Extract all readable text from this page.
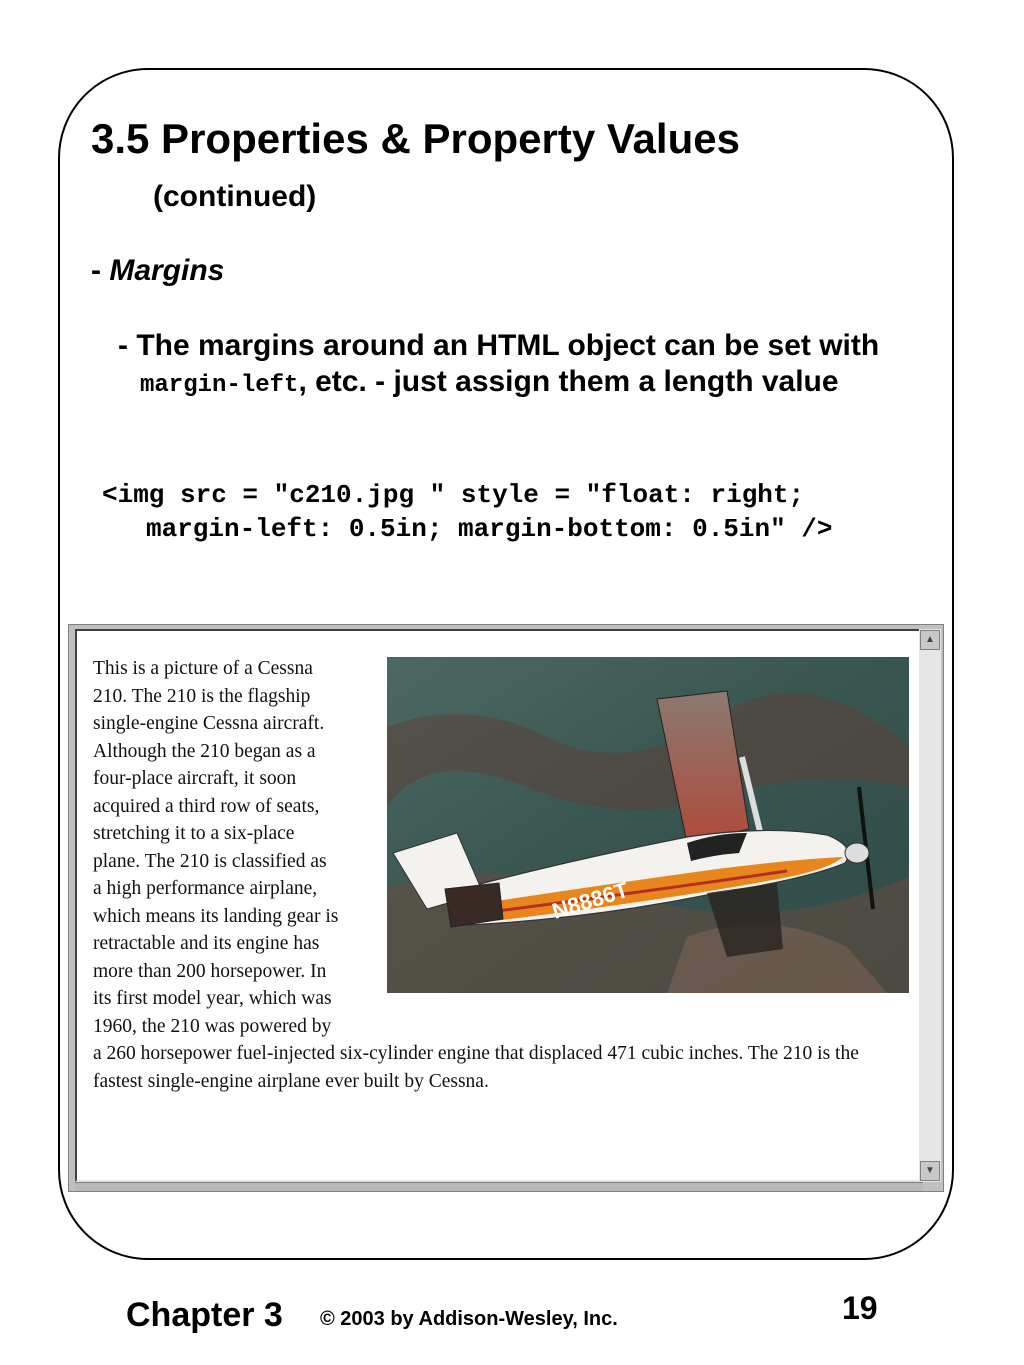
3.5 Properties & Property Values
(continued)
- Margins
- The margins around an HTML object can be set with margin-left, etc. - just assign them a length value
<img src = "c210.jpg " style = "float: right;
margin-left: 0.5in; margin-bottom: 0.5in" />
N8886T
This is a picture of a Cessna 210. The 210 is the flagship single-engine Cessna aircraft. Although the 210 began as a four-place aircraft, it soon acquired a third row of seats, stretching it to a six-place plane. The 210 is classified as a high performance airplane, which means its landing gear is retractable and its engine has more than 200 horsepower. In its first model year, which was 1960, the 210 was powered by a 260 horsepower fuel-injected six-cylinder engine that displaced 471 cubic inches. The 210 is the fastest single-engine airplane ever built by Cessna.
▲
▼
Chapter 3 © 2003 by Addison-Wesley, Inc.	19
